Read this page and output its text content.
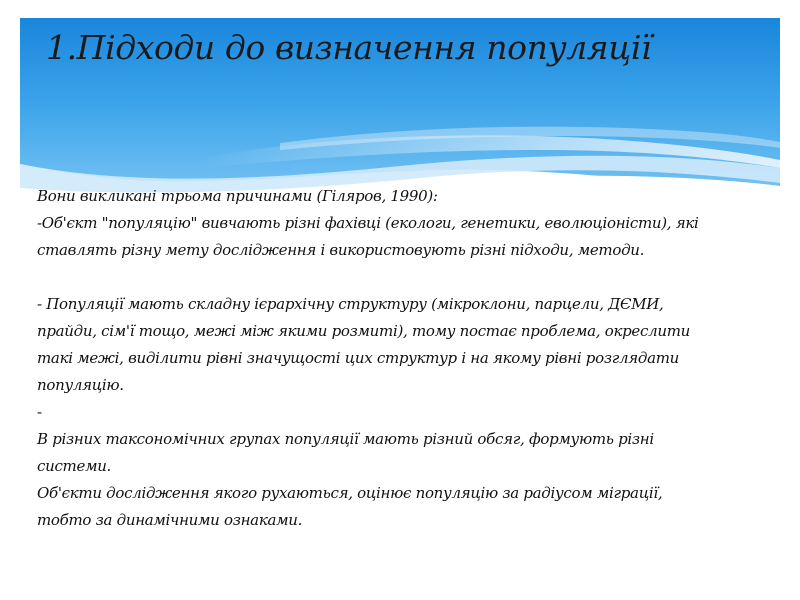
1.Підходи до визначення популяції
Вони викликані трьома причинами (Гіляров, 1990):
-Об'єкт "популяцію" вивчають різні фахівці (екологи, генетики, еволюціоністи), які
ставлять різну мету дослідження і використовують різні підходи, методи.
- Популяції мають складну ієрархічну структуру (мікроклони, парцели, ДЄМИ,
прайди, сім'ї тощо, межі між якими розмиті), тому постає проблема, окреслити
такі межі, виділити рівні значущості цих структур і на якому рівні розглядати
популяцію.
-
В різних таксономічних групах популяції мають різний обсяг, формують різні
системи.
Об'єкти дослідження якого рухаються, оцінює популяцію за радіусом міграції,
тобто за динамічними ознаками.
